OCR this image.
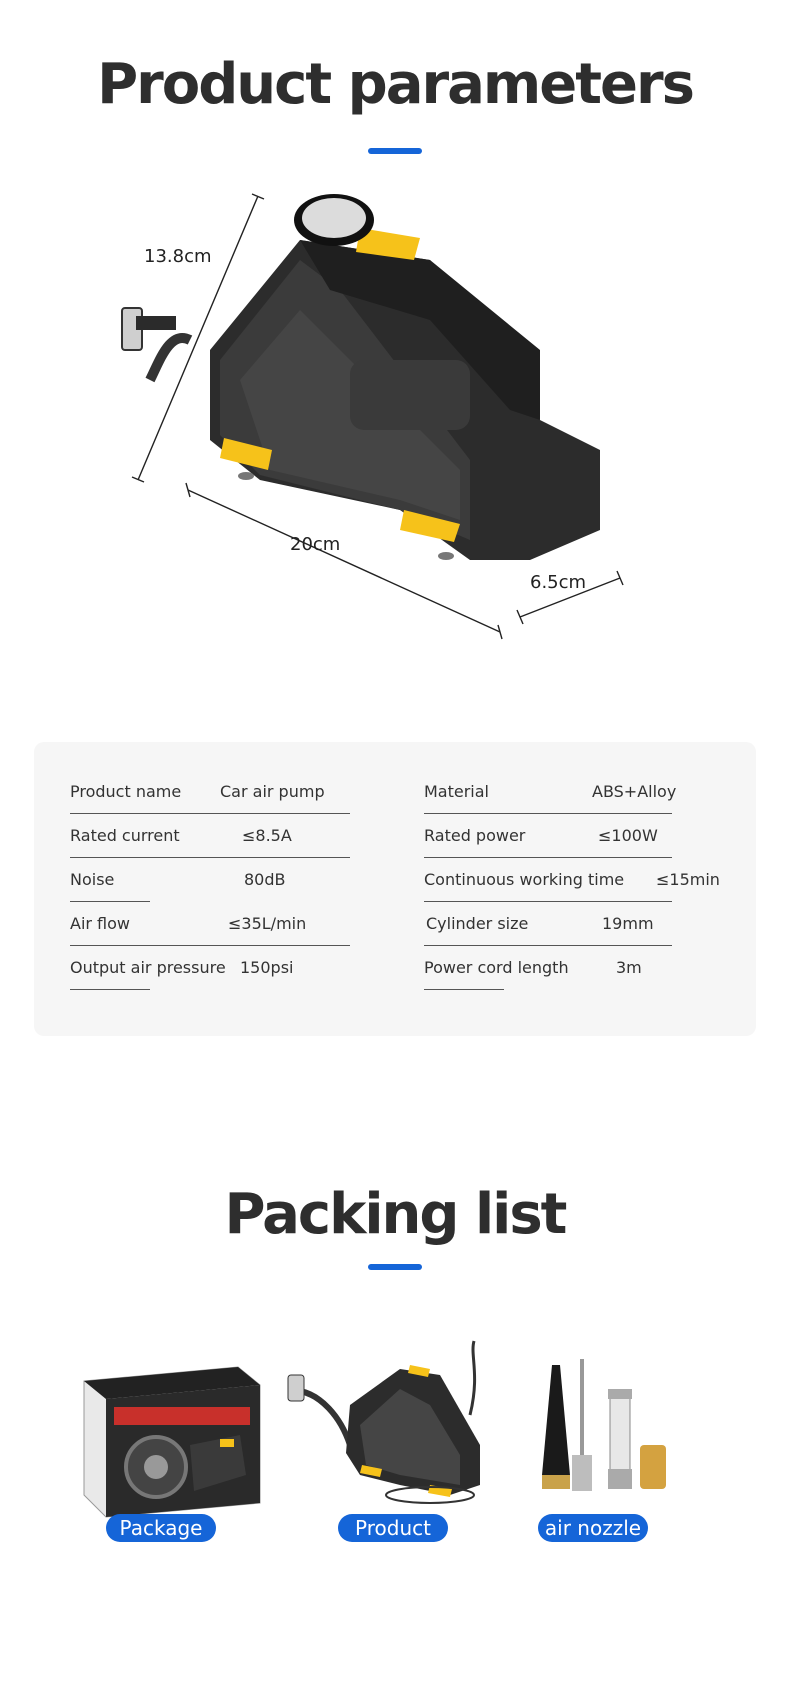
Product parameters
13.8cm
20cm
6.5cm
Product name Car air pump	Material	ABS+Alloy
Rated current	≤8.5A	Rated power	≤100W
Noise	80dB	Continuous working time ≤15min
Air flow	≤35L/min	Cylinder size	19mm
Output air pressure 150psi	Power cord length	3m
Packing list
Package	Product	air nozzle
